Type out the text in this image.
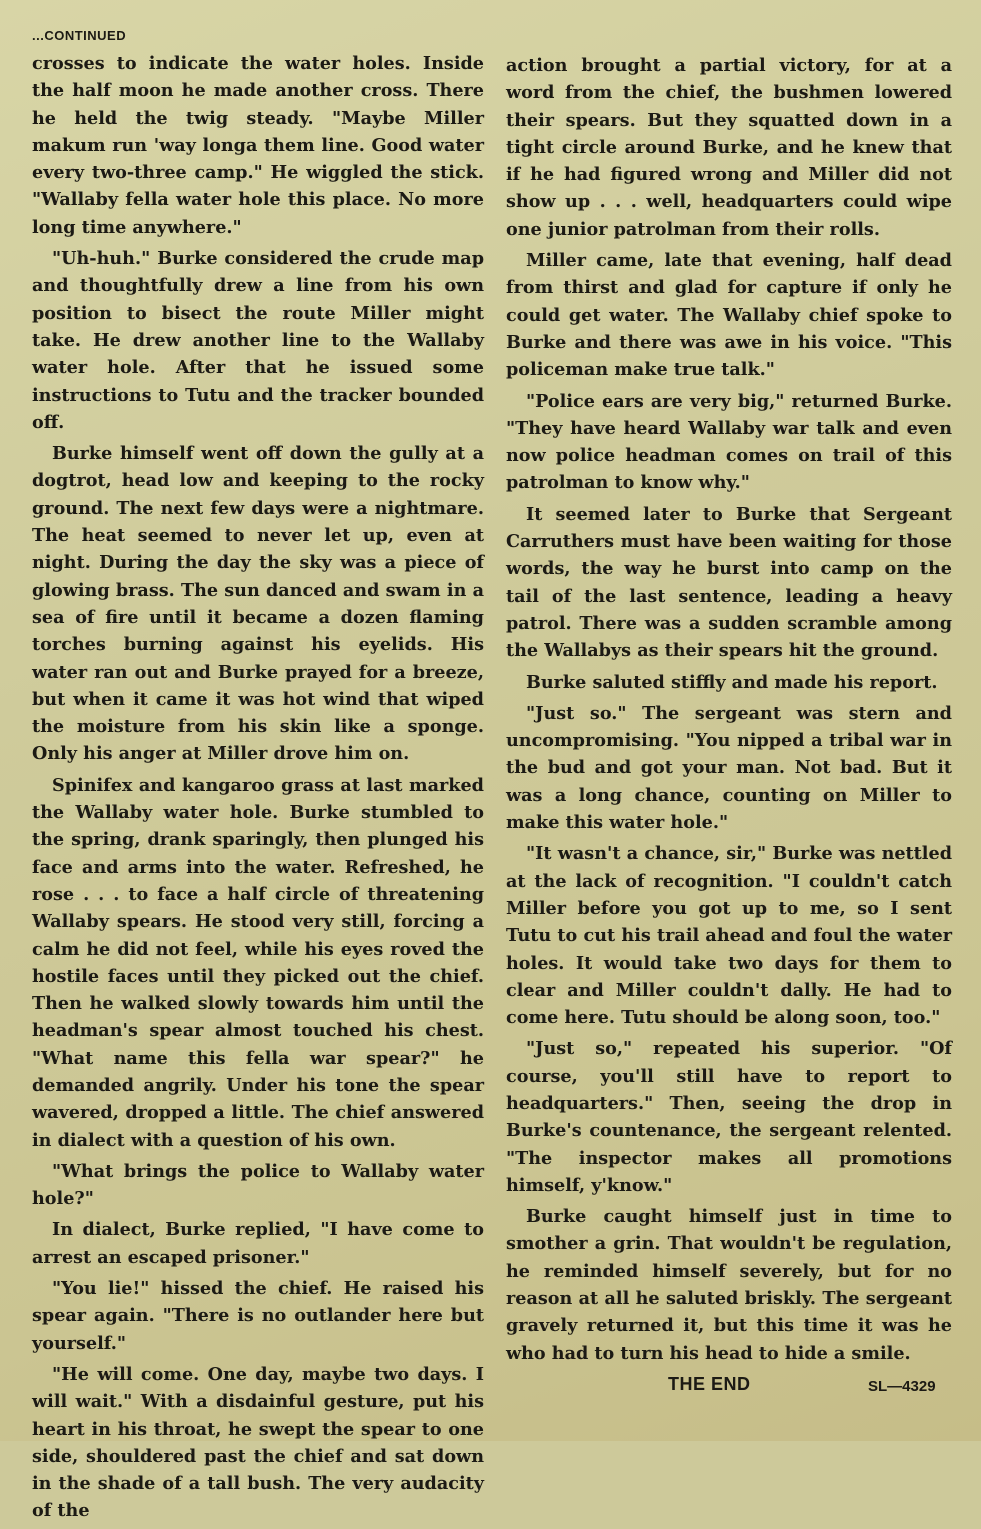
...CONTINUED

crosses to indicate the water holes. Inside the half moon he made another cross. There he held the twig steady. "Maybe Miller makum run 'way longa them line. Good water every two-three camp." He wiggled the stick. "Wallaby fella water hole this place. No more long time anywhere."

"Uh-huh." Burke considered the crude map and thoughtfully drew a line from his own position to bisect the route Miller might take. He drew another line to the Wallaby water hole. After that he issued some instructions to Tutu and the tracker bounded off.

Burke himself went off down the gully at a dogtrot, head low and keeping to the rocky ground. The next few days were a nightmare. The heat seemed to never let up, even at night. During the day the sky was a piece of glowing brass. The sun danced and swam in a sea of fire until it became a dozen flaming torches burning against his eyelids. His water ran out and Burke prayed for a breeze, but when it came it was hot wind that wiped the moisture from his skin like a sponge. Only his anger at Miller drove him on.

Spinifex and kangaroo grass at last marked the Wallaby water hole. Burke stumbled to the spring, drank sparingly, then plunged his face and arms into the water. Refreshed, he rose . . . to face a half circle of threatening Wallaby spears. He stood very still, forcing a calm he did not feel, while his eyes roved the hostile faces until they picked out the chief. Then he walked slowly towards him until the headman's spear almost touched his chest. "What name this fella war spear?" he demanded angrily. Under his tone the spear wavered, dropped a little. The chief answered in dialect with a question of his own.

"What brings the police to Wallaby water hole?"

In dialect, Burke replied, "I have come to arrest an escaped prisoner."

"You lie!" hissed the chief. He raised his spear again. "There is no outlander here but yourself."

"He will come. One day, maybe two days. I will wait." With a disdainful gesture, put his heart in his throat, he swept the spear to one side, shouldered past the chief and sat down in the shade of a tall bush. The very audacity of the

action brought a partial victory, for at a word from the chief, the bushmen lowered their spears. But they squatted down in a tight circle around Burke, and he knew that if he had figured wrong and Miller did not show up . . . well, headquarters could wipe one junior patrolman from their rolls.

Miller came, late that evening, half dead from thirst and glad for capture if only he could get water. The Wallaby chief spoke to Burke and there was awe in his voice. "This policeman make true talk."

"Police ears are very big," returned Burke. "They have heard Wallaby war talk and even now police headman comes on trail of this patrolman to know why."

It seemed later to Burke that Sergeant Carruthers must have been waiting for those words, the way he burst into camp on the tail of the last sentence, leading a heavy patrol. There was a sudden scramble among the Wallabys as their spears hit the ground.

Burke saluted stiffly and made his report.

"Just so." The sergeant was stern and uncompromising. "You nipped a tribal war in the bud and got your man. Not bad. But it was a long chance, counting on Miller to make this water hole."

"It wasn't a chance, sir," Burke was nettled at the lack of recognition. "I couldn't catch Miller before you got up to me, so I sent Tutu to cut his trail ahead and foul the water holes. It would take two days for them to clear and Miller couldn't dally. He had to come here. Tutu should be along soon, too."

"Just so," repeated his superior. "Of course, you'll still have to report to headquarters." Then, seeing the drop in Burke's countenance, the sergeant relented. "The inspector makes all promotions himself, y'know."

Burke caught himself just in time to smother a grin. That wouldn't be regulation, he reminded himself severely, but for no reason at all he saluted briskly. The sergeant gravely returned it, but this time it was he who had to turn his head to hide a smile.

THE END	SL—4329
